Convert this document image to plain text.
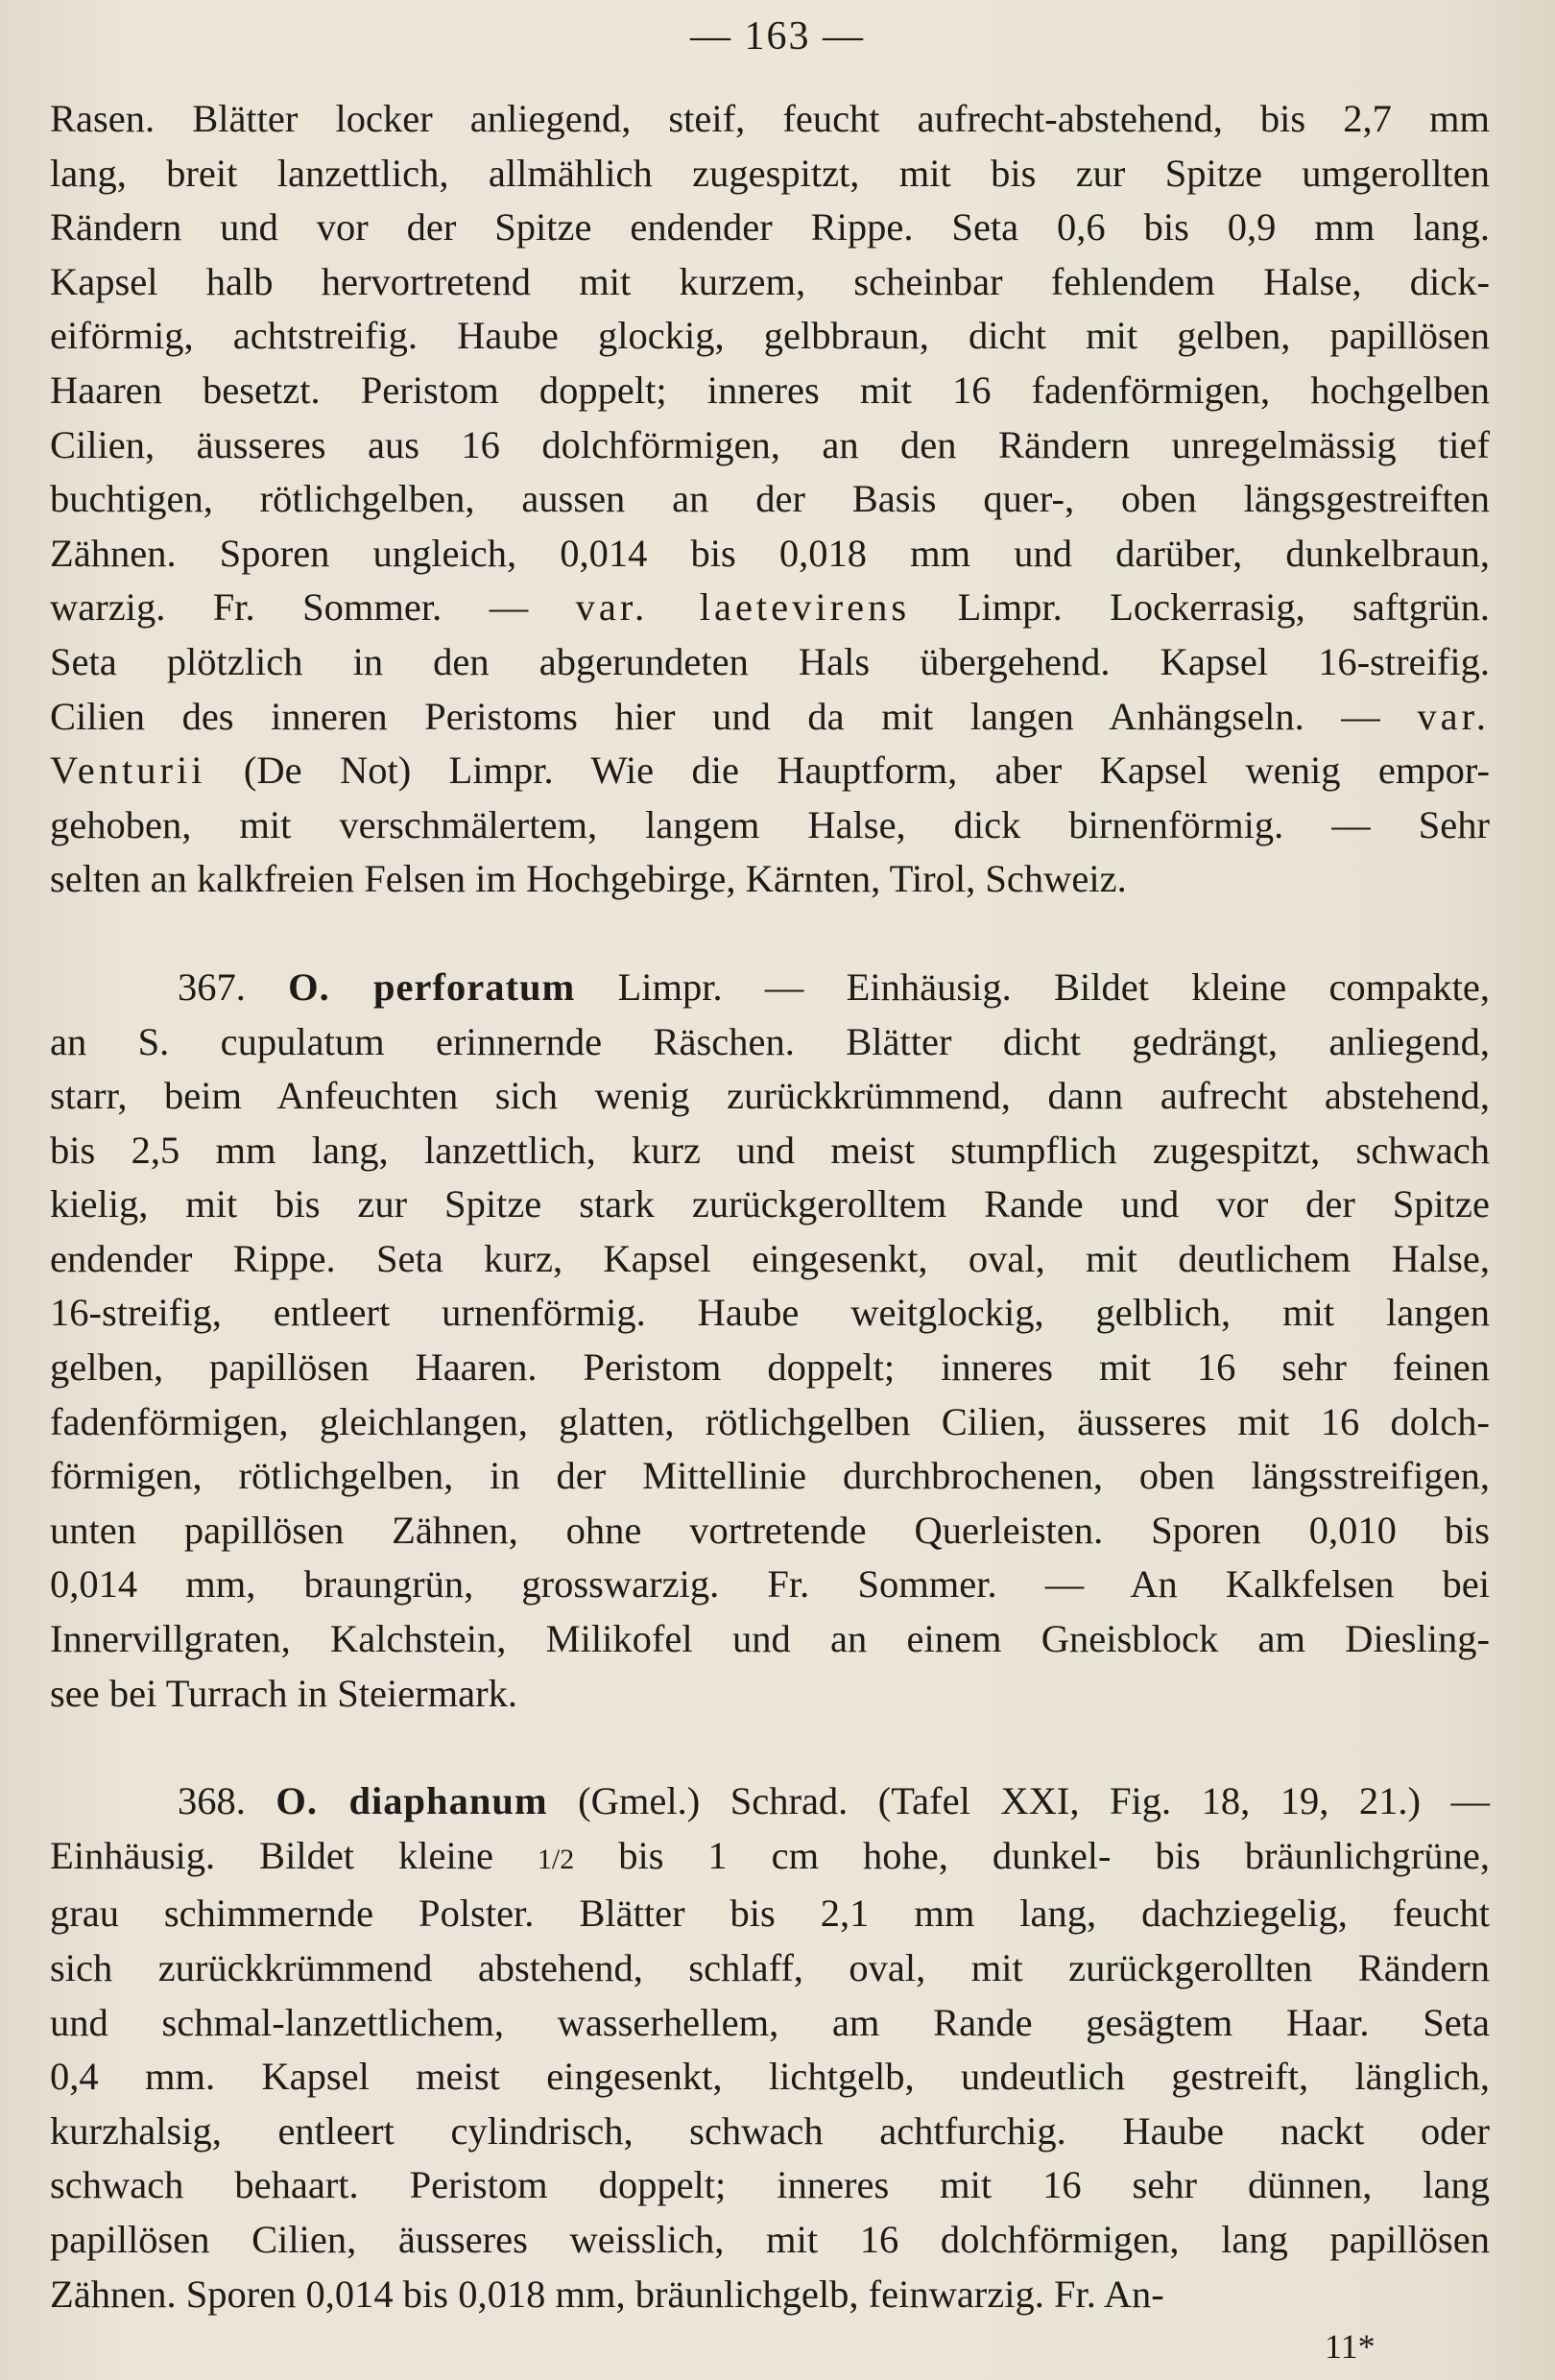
— 163 —
Rasen. Blätter locker anliegend, steif, feucht aufrecht-abstehend, bis 2,7 mm
lang, breit lanzettlich, allmählich zugespitzt, mit bis zur Spitze umgerollten
Rändern und vor der Spitze endender Rippe. Seta 0,6 bis 0,9 mm lang.
Kapsel halb hervortretend mit kurzem, scheinbar fehlendem Halse, dick-
eiförmig, achtstreifig. Haube glockig, gelbbraun, dicht mit gelben, papillösen
Haaren besetzt. Peristom doppelt; inneres mit 16 fadenförmigen, hochgelben
Cilien, äusseres aus 16 dolchförmigen, an den Rändern unregelmässig tief
buchtigen, rötlichgelben, aussen an der Basis quer-, oben längsgestreiften
Zähnen. Sporen ungleich, 0,014 bis 0,018 mm und darüber, dunkelbraun,
warzig. Fr. Sommer. — var. laetevirens Limpr. Lockerrasig, saftgrün.
Seta plötzlich in den abgerundeten Hals übergehend. Kapsel 16-streifig.
Cilien des inneren Peristoms hier und da mit langen Anhängseln. — var.
Venturii (De Not) Limpr. Wie die Hauptform, aber Kapsel wenig empor-
gehoben, mit verschmälertem, langem Halse, dick birnenförmig. — Sehr
selten an kalkfreien Felsen im Hochgebirge, Kärnten, Tirol, Schweiz.
367. O. perforatum Limpr. — Einhäusig. Bildet kleine compakte,
an S. cupulatum erinnernde Räschen. Blätter dicht gedrängt, anliegend,
starr, beim Anfeuchten sich wenig zurückkrümmend, dann aufrecht abstehend,
bis 2,5 mm lang, lanzettlich, kurz und meist stumpflich zugespitzt, schwach
kielig, mit bis zur Spitze stark zurückgerolltem Rande und vor der Spitze
endender Rippe. Seta kurz, Kapsel eingesenkt, oval, mit deutlichem Halse,
16-streifig, entleert urnenförmig. Haube weitglockig, gelblich, mit langen
gelben, papillösen Haaren. Peristom doppelt; inneres mit 16 sehr feinen
fadenförmigen, gleichlangen, glatten, rötlichgelben Cilien, äusseres mit 16 dolch-
förmigen, rötlichgelben, in der Mittellinie durchbrochenen, oben längsstreifigen,
unten papillösen Zähnen, ohne vortretende Querleisten. Sporen 0,010 bis
0,014 mm, braungrün, grosswarzig. Fr. Sommer. — An Kalkfelsen bei
Innervillgraten, Kalchstein, Milikofel und an einem Gneisblock am Diesling-
see bei Turrach in Steiermark.
368. O. diaphanum (Gmel.) Schrad. (Tafel XXI, Fig. 18, 19, 21.) —
Einhäusig. Bildet kleine 1/2 bis 1 cm hohe, dunkel- bis bräunlichgrüne,
grau schimmernde Polster. Blätter bis 2,1 mm lang, dachziegelig, feucht
sich zurückkrümmend abstehend, schlaff, oval, mit zurückgerollten Rändern
und schmal-lanzettlichem, wasserhellem, am Rande gesägtem Haar. Seta
0,4 mm. Kapsel meist eingesenkt, lichtgelb, undeutlich gestreift, länglich,
kurzhalsig, entleert cylindrisch, schwach achtfurchig. Haube nackt oder
schwach behaart. Peristom doppelt; inneres mit 16 sehr dünnen, lang
papillösen Cilien, äusseres weisslich, mit 16 dolchförmigen, lang papillösen
Zähnen. Sporen 0,014 bis 0,018 mm, bräunlichgelb, feinwarzig. Fr. An-
11*
